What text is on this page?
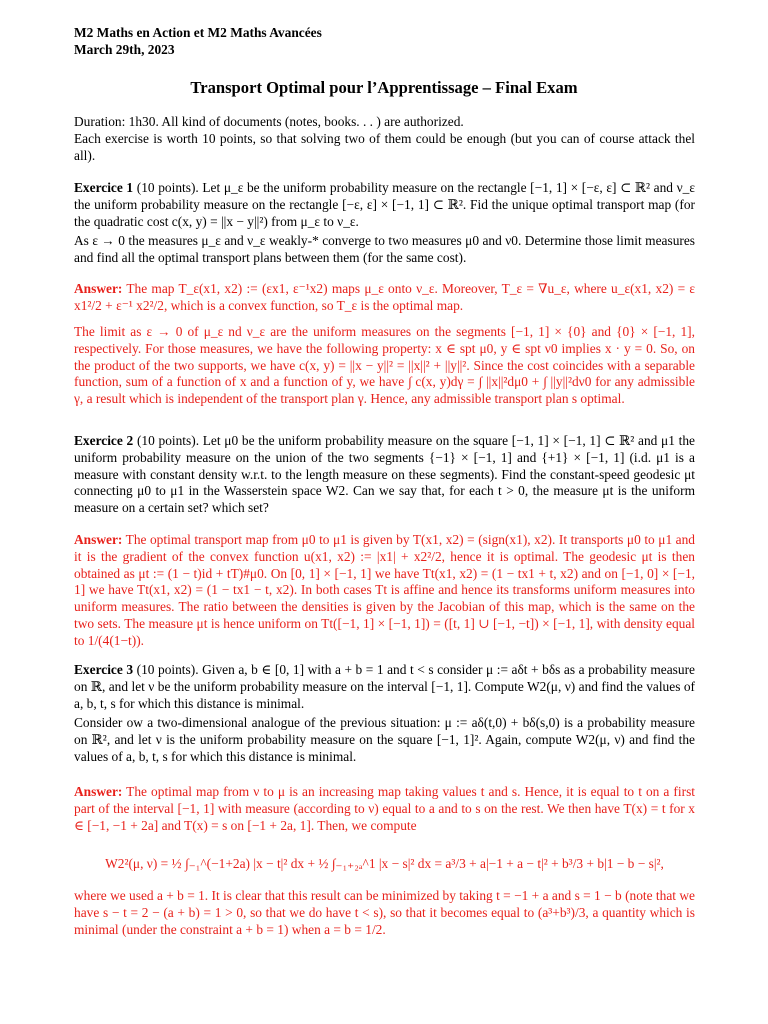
M2 Maths en Action et M2 Maths Avancées
March 29th, 2023
Transport Optimal pour l’Apprentissage – Final Exam
Duration: 1h30. All kind of documents (notes, books. . . ) are authorized.
Each exercise is worth 10 points, so that solving two of them could be enough (but you can of course attack thel all).
Exercice 1 (10 points). Let μ_ε be the uniform probability measure on the rectangle [−1, 1] × [−ε, ε] ⊂ ℝ² and ν_ε the uniform probability measure on the rectangle [−ε, ε] × [−1, 1] ⊂ ℝ². Fid the unique optimal transport map (for the quadratic cost c(x, y) = ||x − y||²) from μ_ε to ν_ε.
As ε → 0 the measures μ_ε and ν_ε weakly-* converge to two measures μ0 and ν0. Determine those limit measures and find all the optimal transport plans between them (for the same cost).
Answer: The map T_ε(x1, x2) := (εx1, ε⁻¹x2) maps μ_ε onto ν_ε. Moreover, T_ε = ∇u_ε, where u_ε(x1, x2) = ε x1²/2 + ε⁻¹ x2²/2, which is a convex function, so T_ε is the optimal map.
The limit as ε → 0 of μ_ε nd ν_ε are the uniform measures on the segments [−1, 1] × {0} and {0} × [−1, 1], respectively. For those measures, we have the following property: x ∈ spt μ0, y ∈ spt ν0 implies x · y = 0. So, on the product of the two supports, we have c(x, y) = ||x − y||² = ||x||² + ||y||². Since the cost coincides with a separable function, sum of a function of x and a function of y, we have ∫ c(x, y)dγ = ∫ ||x||²dμ0 + ∫ ||y||²dν0 for any admissible γ, a result which is independent of the transport plan γ. Hence, any admissible transport plan s optimal.
Exercice 2 (10 points). Let μ0 be the uniform probability measure on the square [−1, 1] × [−1, 1] ⊂ ℝ² and μ1 the uniform probability measure on the union of the two segments {−1} × [−1, 1] and {+1} × [−1, 1] (i.d. μ1 is a measure with constant density w.r.t. to the length measure on these segments). Find the constant-speed geodesic μt connecting μ0 to μ1 in the Wasserstein space W2. Can we say that, for each t > 0, the measure μt is the uniform measure on a certain set? which set?
Answer: The optimal transport map from μ0 to μ1 is given by T(x1, x2) = (sign(x1), x2). It transports μ0 to μ1 and it is the gradient of the convex function u(x1, x2) := |x1| + x2²/2, hence it is optimal. The geodesic μt is then obtained as μt := (1 − t)id + tT)#μ0. On [0, 1] × [−1, 1] we have Tt(x1, x2) = (1 − tx1 + t, x2) and on [−1, 0] × [−1, 1] we have Tt(x1, x2) = (1 − tx1 − t, x2). In both cases Tt is affine and hence its transforms uniform measures into uniform measures. The ratio between the densities is given by the Jacobian of this map, which is the same on the two sets. The measure μt is hence uniform on Tt([−1, 1] × [−1, 1]) = ([t, 1] ∪ [−1, −t]) × [−1, 1], with density equal to 1/(4(1−t)).
Exercice 3 (10 points). Given a, b ∈ [0, 1] with a + b = 1 and t < s consider μ := aδt + bδs as a probability measure on ℝ, and let ν be the uniform probability measure on the interval [−1, 1]. Compute W2(μ, ν) and find the values of a, b, t, s for which this distance is minimal.
Consider ow a two-dimensional analogue of the previous situation: μ := aδ(t,0) + bδ(s,0) is a probability measure on ℝ², and let ν is the uniform probability measure on the square [−1, 1]². Again, compute W2(μ, ν) and find the values of a, b, t, s for which this distance is minimal.
Answer: The optimal map from ν to μ is an increasing map taking values t and s. Hence, it is equal to t on a first part of the interval [−1, 1] with measure (according to ν) equal to a and to s on the rest. We then have T(x) = t for x ∈ [−1, −1 + 2a] and T(x) = s on [−1 + 2a, 1]. Then, we compute
W2²(μ, ν) = ½ ∫₋₁^(−1+2a) |x − t|² dx + ½ ∫₋₁₊₂ₐ^1 |x − s|² dx = a³/3 + a|−1 + a − t|² + b³/3 + b|1 − b − s|²,
where we used a + b = 1. It is clear that this result can be minimized by taking t = −1 + a and s = 1 − b (note that we have s − t = 2 − (a + b) = 1 > 0, so that we do have t < s), so that it becomes equal to (a³+b³)/3, a quantity which is minimal (under the constraint a + b = 1) when a = b = 1/2.
